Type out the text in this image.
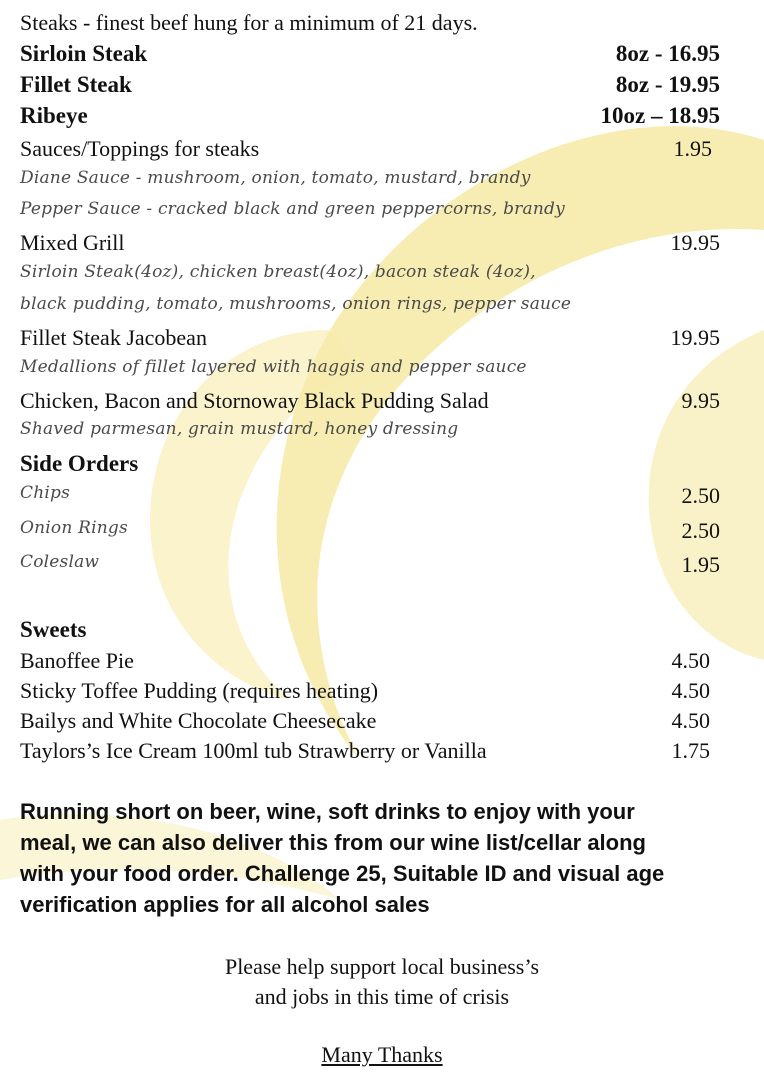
Steaks - finest beef hung for a minimum of 21 days.
Sirloin Steak	8oz - 16.95
Fillet Steak	8oz - 19.95
Ribeye	10oz – 18.95
Sauces/Toppings for steaks	1.95
Diane Sauce - mushroom, onion, tomato, mustard, brandy
Pepper Sauce - cracked black and green peppercorns, brandy
Mixed Grill	19.95
Sirloin Steak(4oz), chicken breast(4oz), bacon steak (4oz),
black pudding, tomato, mushrooms, onion rings, pepper sauce
Fillet Steak Jacobean	19.95
Medallions of fillet layered with haggis and pepper sauce
Chicken, Bacon and Stornoway Black Pudding Salad	9.95
Shaved parmesan, grain mustard, honey dressing
Side Orders
Chips	2.50
Onion Rings	2.50
Coleslaw	1.95
Sweets
Banoffee Pie	4.50
Sticky Toffee Pudding (requires heating)	4.50
Bailys and White Chocolate Cheesecake	4.50
Taylors’s Ice Cream 100ml tub Strawberry or Vanilla	1.75
Running short on beer, wine, soft drinks to enjoy with your
meal, we can also deliver this from our wine list/cellar along
with your food order. Challenge 25, Suitable ID and visual age
verification applies for all alcohol sales
Please help support local business’s
and jobs in this time of crisis
Many Thanks
